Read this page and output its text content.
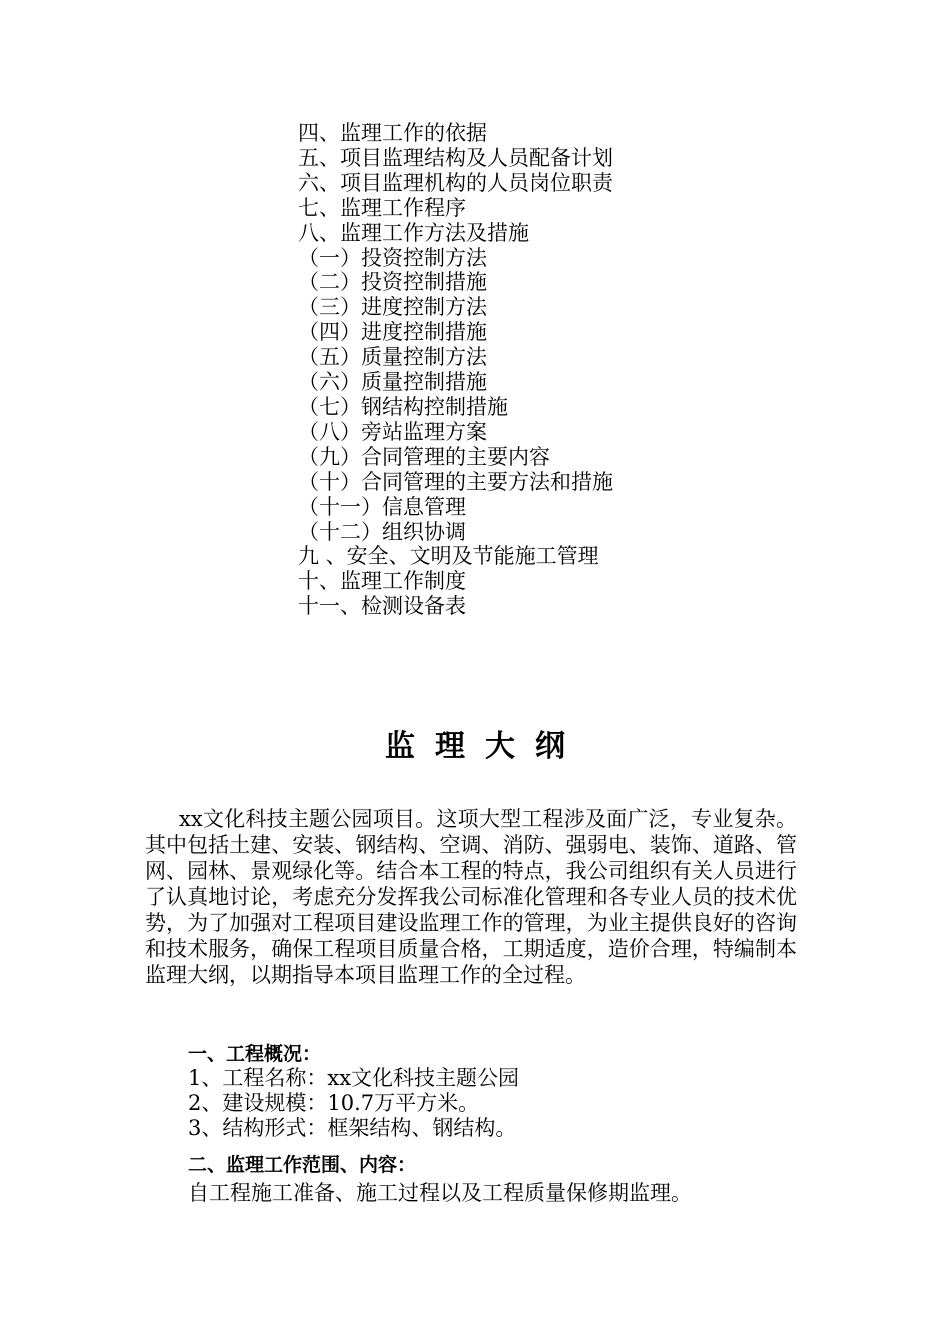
四、监理工作的依据
五、项目监理结构及人员配备计划
六、项目监理机构的人员岗位职责
七、监理工作程序
八、监理工作方法及措施
（一）投资控制方法
（二）投资控制措施
（三）进度控制方法
（四）进度控制措施
（五）质量控制方法
（六）质量控制措施
（七）钢结构控制措施
（八）旁站监理方案
（九）合同管理的主要内容
（十）合同管理的主要方法和措施
（十一）信息管理
（十二）组织协调
九 、安全、文明及节能施工管理
十、监理工作制度
十一、检测设备表
监理大纲

xx文化科技主题公园项目。这项大型工程涉及面广泛，专业复杂。其中包括土建、安装、钢结构、空调、消防、强弱电、装饰、道路、管网、园林、景观绿化等。结合本工程的特点，我公司组织有关人员进行了认真地讨论，考虑充分发挥我公司标准化管理和各专业人员的技术优势，为了加强对工程项目建设监理工作的管理，为业主提供良好的咨询和技术服务，确保工程项目质量合格，工期适度，造价合理，特编制本监理大纲，以期指导本项目监理工作的全过程。

一、工程概况：
1、工程名称：xx文化科技主题公园
2、建设规模：10.7万平方米。
3、结构形式：框架结构、钢结构。
二、监理工作范围、内容：

自工程施工准备、施工过程以及工程质量保修期监理。
